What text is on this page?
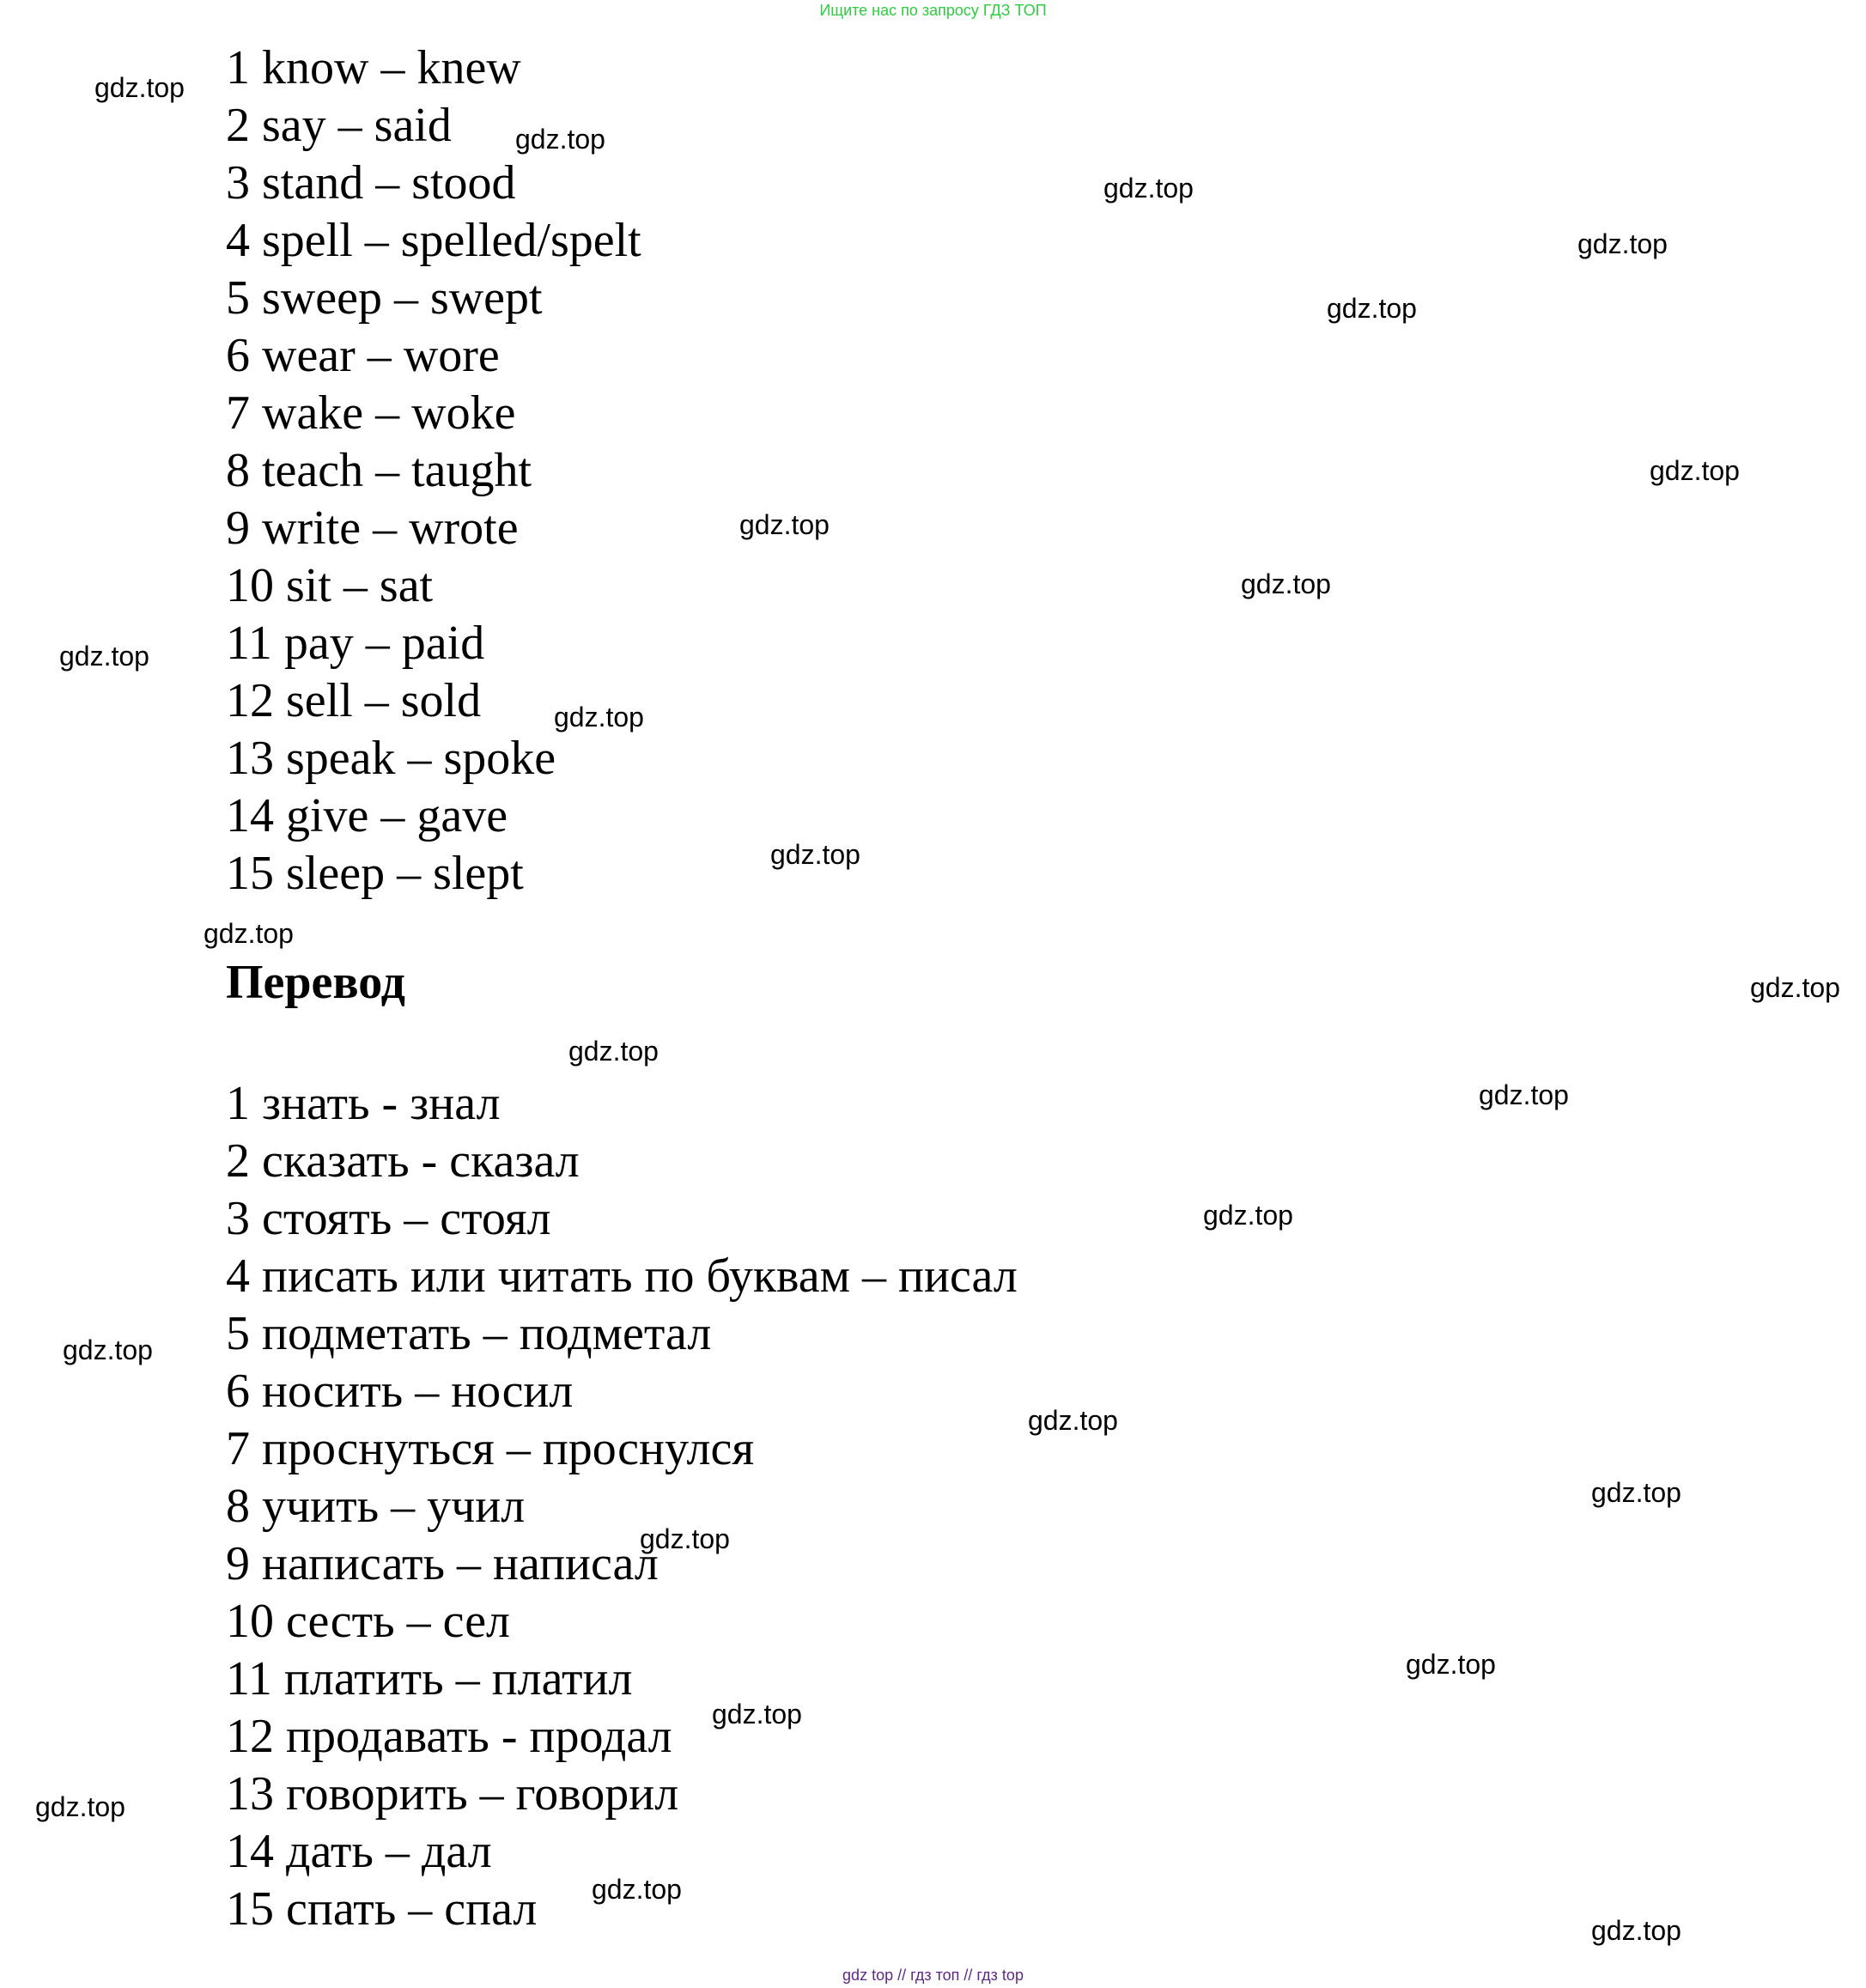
Ищите нас по запросу ГДЗ ТОП
1 know – knew
2 say – said
3 stand – stood
4 spell – spelled/spelt
5 sweep – swept
6 wear – wore
7 wake – woke
8 teach – taught
9 write – wrote
10 sit – sat
11 pay – paid
12 sell – sold
13 speak – spoke
14 give – gave
15 sleep – slept
Перевод
1 знать - знал
2 сказать - сказал
3 стоять – стоял
4 писать или читать по буквам – писал
5 подметать – подметал
6 носить – носил
7 проснуться – проснулся
8 учить – учил
9 написать – написал
10 сесть – сел
11 платить – платил
12 продавать - продал
13 говорить – говорил
14 дать – дал
15 спать – спал
gdz.top
gdz.top
gdz.top
gdz.top
gdz.top
gdz.top
gdz.top
gdz.top
gdz.top
gdz.top
gdz.top
gdz.top
gdz.top
gdz.top
gdz.top
gdz.top
gdz.top
gdz.top
gdz.top
gdz.top
gdz.top
gdz.top
gdz.top
gdz.top
gdz.top
gdz top // гдз топ // гдз top
